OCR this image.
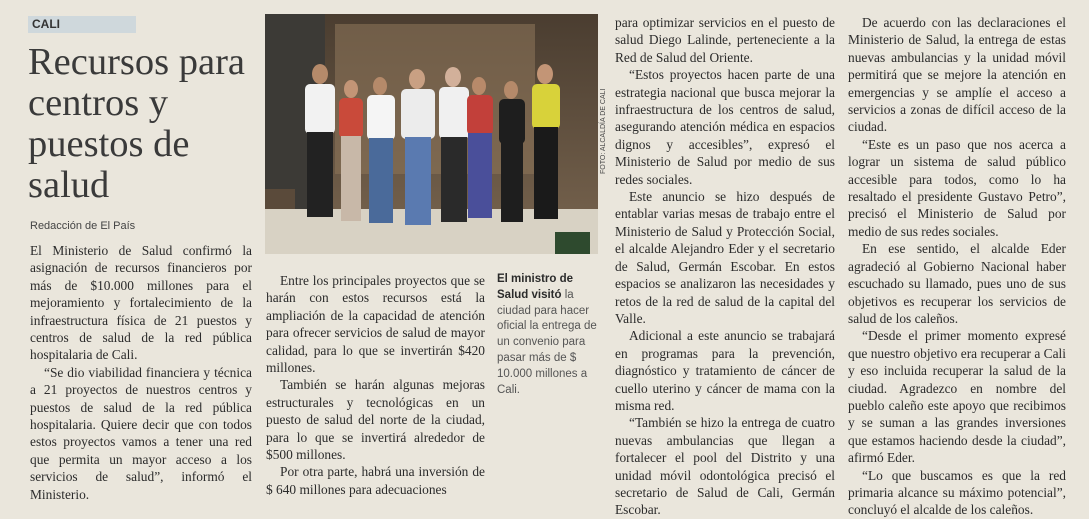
CALI
Recursos para centros y puestos de salud
Redacción de El País

El Ministerio de Salud confirmó la asignación de recursos financieros por más de $10.000 millones para el mejoramiento y fortalecimiento de la infraestructura física de 21 puestos y centros de salud de la red pública hospitalaria de Cali.

“Se dio viabilidad financiera y técnica a 21 proyectos de nuestros centros y puestos de salud de la red pública hospitalaria. Quiere decir que con todos estos proyectos vamos a tener una red que permita un mayor acceso a los servicios de salud”, informó el Ministerio.

FOTO: ALCALDÍA DE CALI

Entre los principales proyectos que se harán con estos recursos está la ampliación de la capacidad de atención para ofrecer servicios de salud de mayor calidad, para lo que se invertirán $420 millones.

También se harán algunas mejoras estructurales y tecnológicas en un puesto de salud del norte de la ciudad, para lo que se invertirá alrededor de $500 millones.

Por otra parte, habrá una inversión de $ 640 millones para adecuaciones

El ministro de Salud visitó la ciudad para hacer oficial la entrega de un convenio para pasar más de $ 10.000 millones a Cali.

para optimizar servicios en el puesto de salud Diego Lalinde, perteneciente a la Red de Salud del Oriente.

“Estos proyectos hacen parte de una estrategia nacional que busca mejorar la infraestructura de los centros de salud, asegurando atención médica en espacios dignos y accesibles”, expresó el Ministerio de Salud por medio de sus redes sociales.

Este anuncio se hizo después de entablar varias mesas de trabajo entre el Ministerio de Salud y Protección Social, el alcalde Alejandro Eder y el secretario de Salud, Germán Escobar. En estos espacios se analizaron las necesidades y retos de la red de salud de la capital del Valle.

Adicional a este anuncio se trabajará en programas para la prevención, diagnóstico y tratamiento de cáncer de cuello uterino y cáncer de mama con la misma red.

“También se hizo la entrega de cuatro nuevas ambulancias que llegan a fortalecer el pool del Distrito y una unidad móvil odontológica precisó el secretario de Salud de Cali, Germán Escobar.

De acuerdo con las declaraciones el Ministerio de Salud, la entrega de estas nuevas ambulancias y la unidad móvil permitirá que se mejore la atención en emergencias y se amplíe el acceso a servicios a zonas de difícil acceso de la ciudad.

“Este es un paso que nos acerca a lograr un sistema de salud público accesible para todos, como lo ha resaltado el presidente Gustavo Petro”, precisó el Ministerio de Salud por medio de sus redes sociales.

En ese sentido, el alcalde Eder agradeció al Gobierno Nacional haber escuchado su llamado, pues uno de sus objetivos es recuperar los servicios de salud de los caleños.

“Desde el primer momento expresé que nuestro objetivo era recuperar a Cali y eso incluida recuperar la salud de la ciudad. Agradezco en nombre del pueblo caleño este apoyo que recibimos y se suman a las grandes inversiones que estamos haciendo desde la ciudad”, afirmó Eder.

“Lo que buscamos es que la red primaria alcance su máximo potencial”, concluyó el alcalde de los caleños.
